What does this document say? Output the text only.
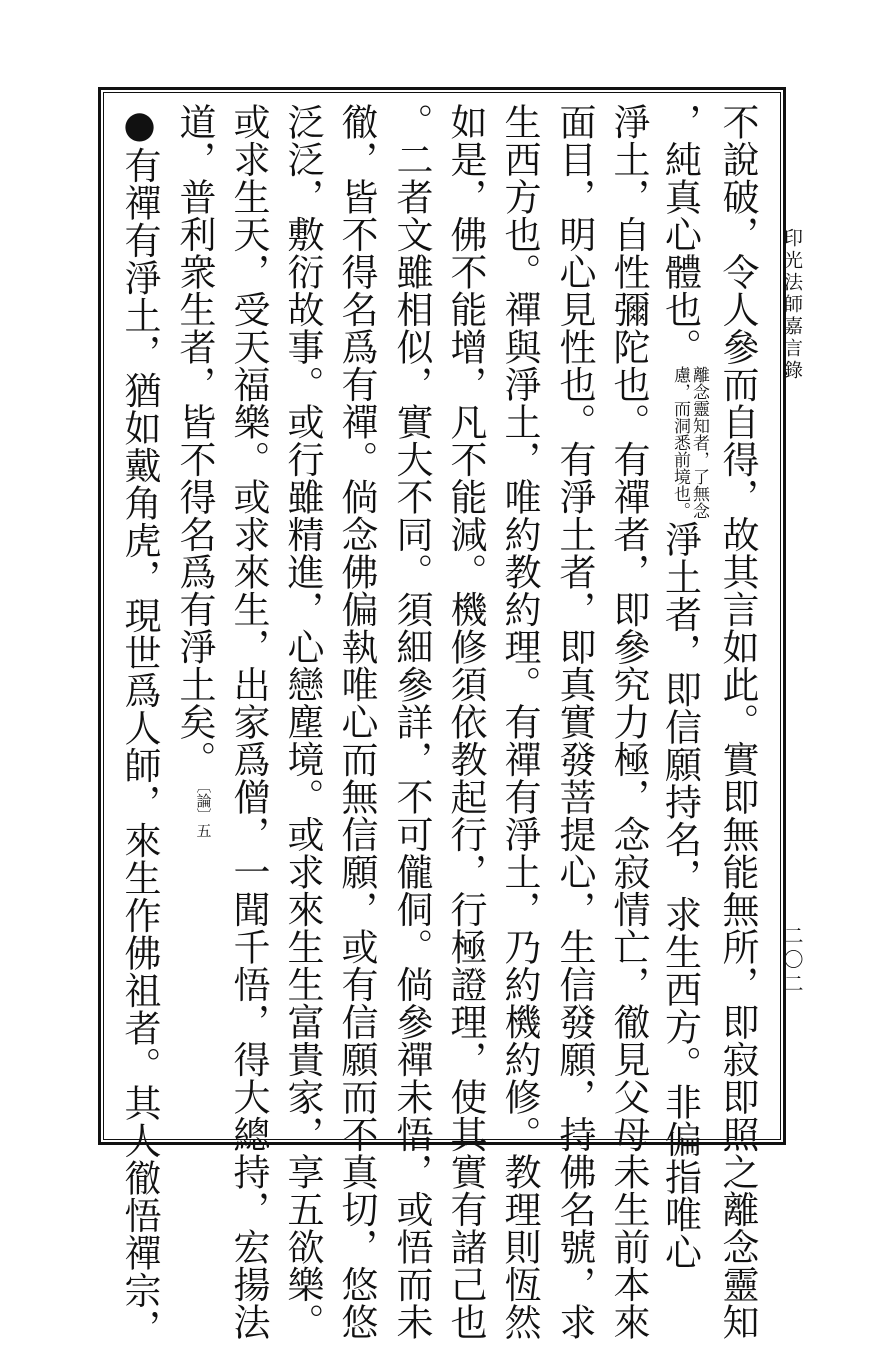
印光法師嘉言錄
二〇二
不說破，令人參而自得，故其言如此。實即無能無所，即寂即照之離念靈知
，純真心體也。離念靈知者，了無念慮，而洞悉前境也。淨土者，即信願持名，求生西方。非偏指唯心
淨土，自性彌陀也。有禪者，即參究力極，念寂情亡，徹見父母未生前本來
面目，明心見性也。有淨土者，即真實發菩提心，生信發願，持佛名號，求
生西方也。禪與淨土，唯約教約理。有禪有淨土，乃約機約修。教理則恆然
如是，佛不能增，凡不能減。機修須依教起行，行極證理，使其實有諸己也
。二者文雖相似，實大不同。須細參詳，不可儱侗。倘參禪未悟，或悟而未
徹，皆不得名爲有禪。倘念佛偏執唯心而無信願，或有信願而不真切，悠悠
泛泛，敷衍故事。或行雖精進，心戀塵境。或求來生生富貴家，享五欲樂。
或求生天，受天福樂。或求來生，出家爲僧，一聞千悟，得大總持，宏揚法
道，普利衆生者，皆不得名爲有淨土矣。〔論〕五
●有禪有淨土，猶如戴角虎，現世爲人師，來生作佛祖者。其人徹悟禪宗，
